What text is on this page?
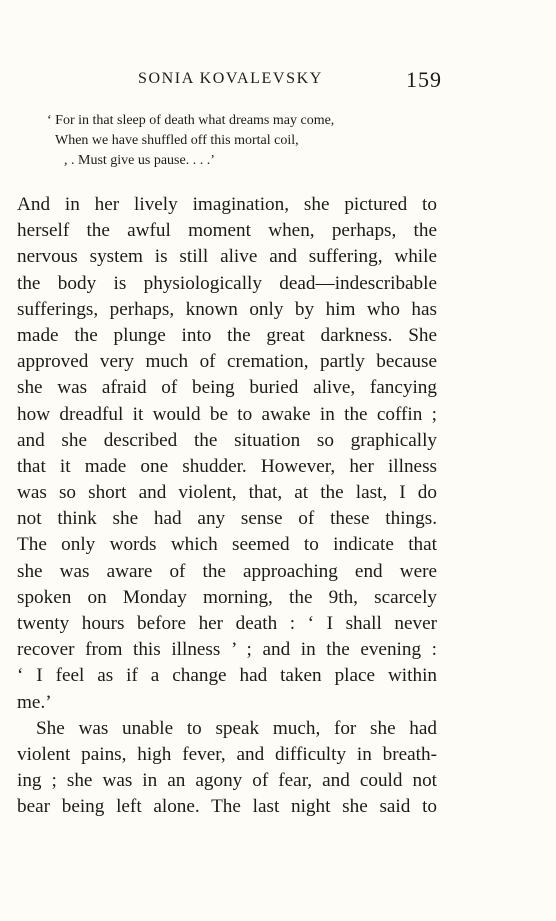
SONIA KOVALEVSKY	159
‘ For in that sleep of death what dreams may come,
When we have shuffled off this mortal coil,
, . Must give us pause. . . .’
And in her lively imagination, she pictured to
herself the awful moment when, perhaps, the
nervous system is still alive and suffering, while
the body is physiologically dead—indescribable
sufferings, perhaps, known only by him who has
made the plunge into the great darkness. She
approved very much of cremation, partly because
she was afraid of being buried alive, fancying
how dreadful it would be to awake in the coffin ;
and she described the situation so graphically
that it made one shudder. However, her illness
was so short and violent, that, at the last, I do
not think she had any sense of these things.
The only words which seemed to indicate that
she was aware of the approaching end were
spoken on Monday morning, the 9th, scarcely
twenty hours before her death : ‘ I shall never
recover from this illness ’ ; and in the evening :
‘ I feel as if a change had taken place within
me.’
She was unable to speak much, for she had
violent pains, high fever, and difficulty in breath-
ing ; she was in an agony of fear, and could not
bear being left alone. The last night she said to
